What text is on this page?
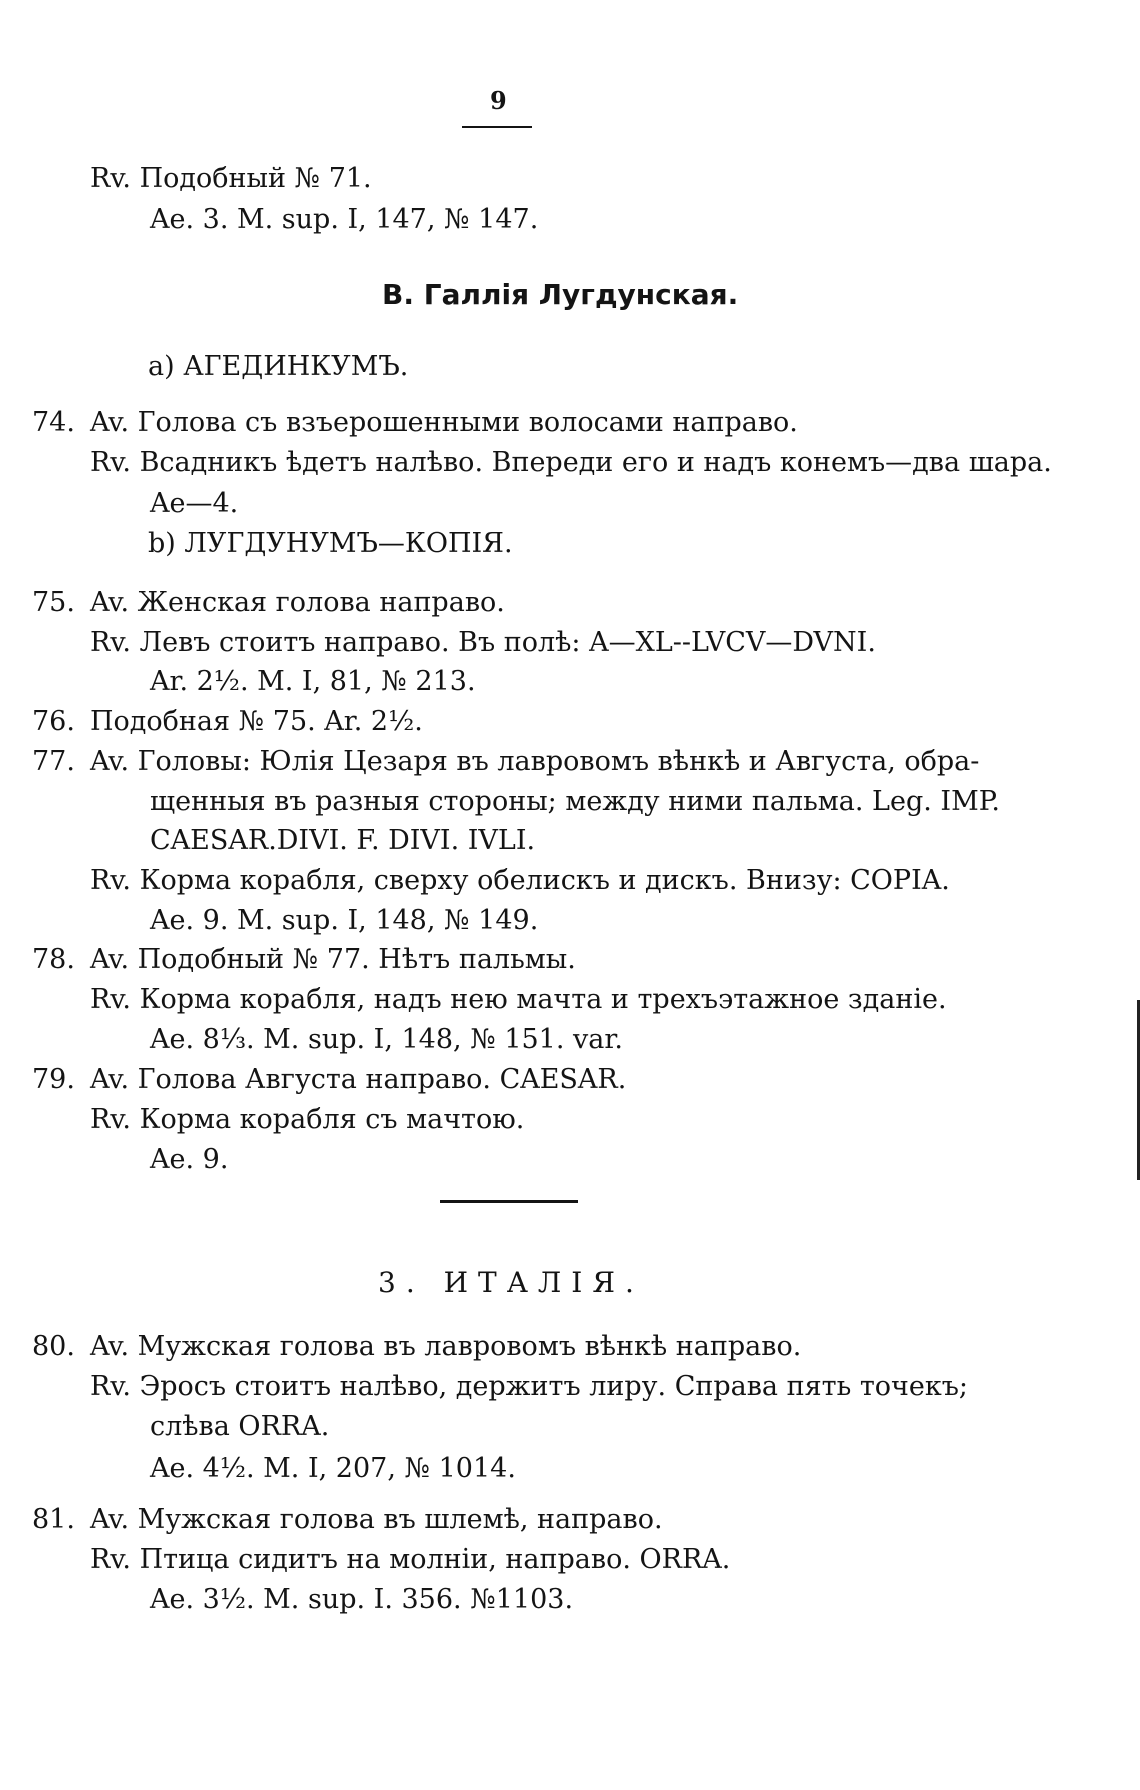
9
Rv. Подобный № 71.
Ae. 3. M. sup. I, 147, № 147.
B. Галлія Лугдунская.
a) АГЕДИНКУМЪ.
74. Av. Голова съ взъерошенными волосами направо.
Rv. Всадникъ ѣдетъ налѣво. Впереди его и надъ конемъ—два шара.
Ae—4.
75. Av. Женская голова направо.
Rv. Левъ стоитъ направо. Въ полѣ: A—XL--LVCV—DVNI.
Ar. 2½. M. I, 81, № 213.
76. Подобная № 75. Ar. 2½.
77. Av. Головы: Юлія Цезаря въ лавровомъ вѣнкѣ и Августа, обра-
щенныя въ разныя стороны; между ними пальма. Leg. IMP.
CAESAR.DIVI. F. DIVI. IVLI.
Rv. Корма корабля, сверху обелискъ и дискъ. Внизу: COPIA.
Ae. 9. M. sup. I, 148, № 149.
78. Av. Подобный № 77. Нѣтъ пальмы.
Rv. Корма корабля, надъ нею мачта и трехъэтажное зданіе.
Ae. 8⅓. M. sup. I, 148, № 151. var.
79. Av. Голова Августа направо. CAESAR.
Rv. Корма корабля съ мачтою.
Ae. 9.
b) ЛУГДУНУМЪ—КОПІЯ.
3. ИТАЛІЯ.
80. Av. Мужская голова въ лавровомъ вѣнкѣ направо.
Rv. Эросъ стоитъ налѣво, держитъ лиру. Справа пять точекъ;
слѣва ORRA.
Ae. 4½. M. I, 207, № 1014.
81. Av. Мужская голова въ шлемѣ, направо.
Rv. Птица сидитъ на молніи, направо. ORRA.
Ae. 3½. M. sup. I. 356. №1103.
